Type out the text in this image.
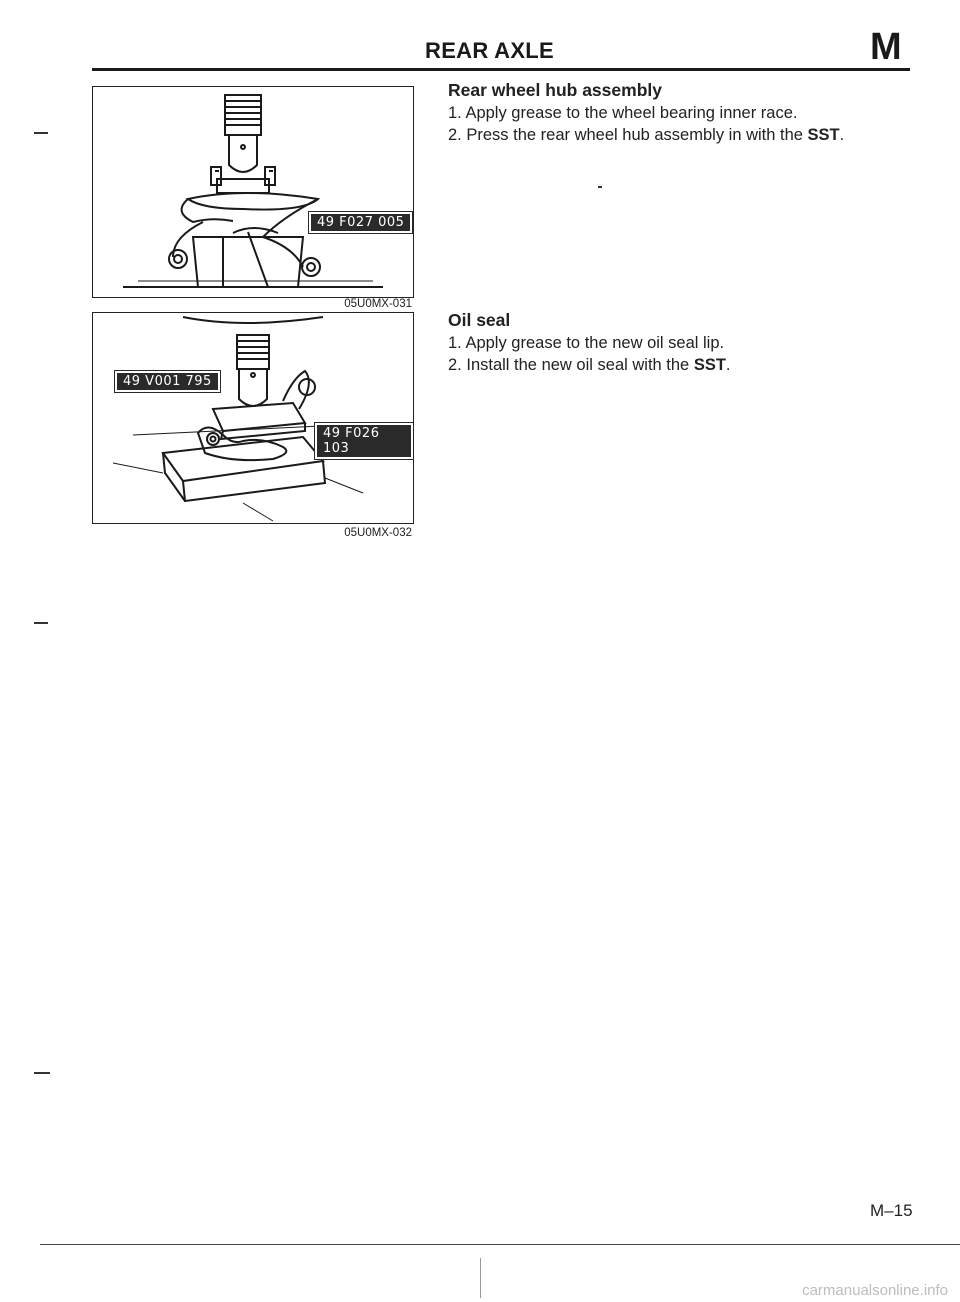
REAR AXLE	M
49 F027 005
05U0MX-031
49 V001 795
49 F026 103
05U0MX-032
Rear wheel hub assembly

1. Apply grease to the wheel bearing inner race.

2. Press the rear wheel hub assembly in with the SST.

Oil seal

1. Apply grease to the new oil seal lip.

2. Install the new oil seal with the SST.

M–15
carmanualsonline.info
